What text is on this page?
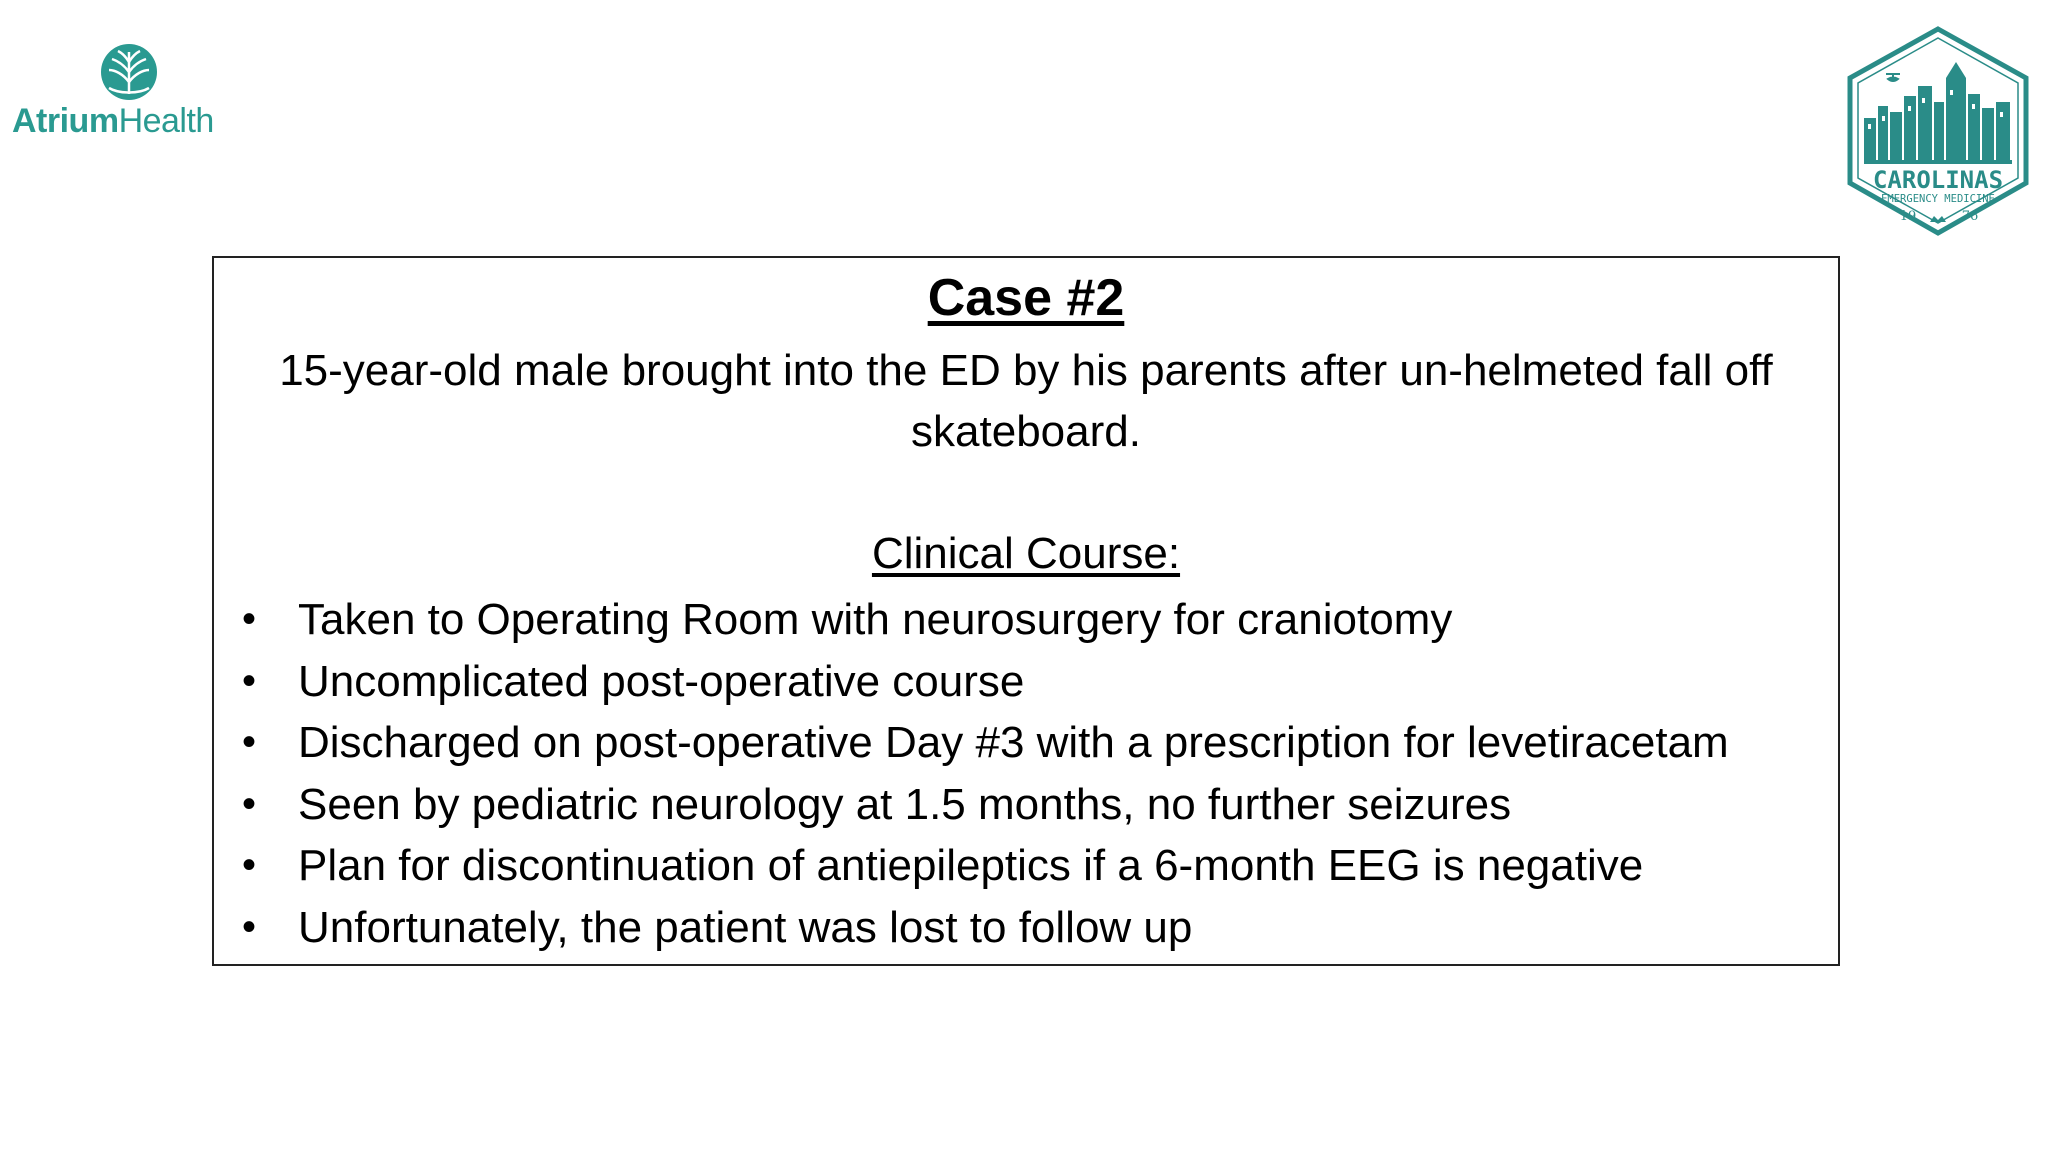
AtriumHealth
CAROLINAS
EMERGENCY MEDICINE
19	76
Case #2
15-year-old male brought into the ED by his parents after un-helmeted fall off skateboard.
Clinical Course:
• Taken to Operating Room with neurosurgery for craniotomy
• Uncomplicated post-operative course
• Discharged on post-operative Day #3 with a prescription for levetiracetam
• Seen by pediatric neurology at 1.5 months, no further seizures
• Plan for discontinuation of antiepileptics if a 6-month EEG is negative
• Unfortunately, the patient was lost to follow up
